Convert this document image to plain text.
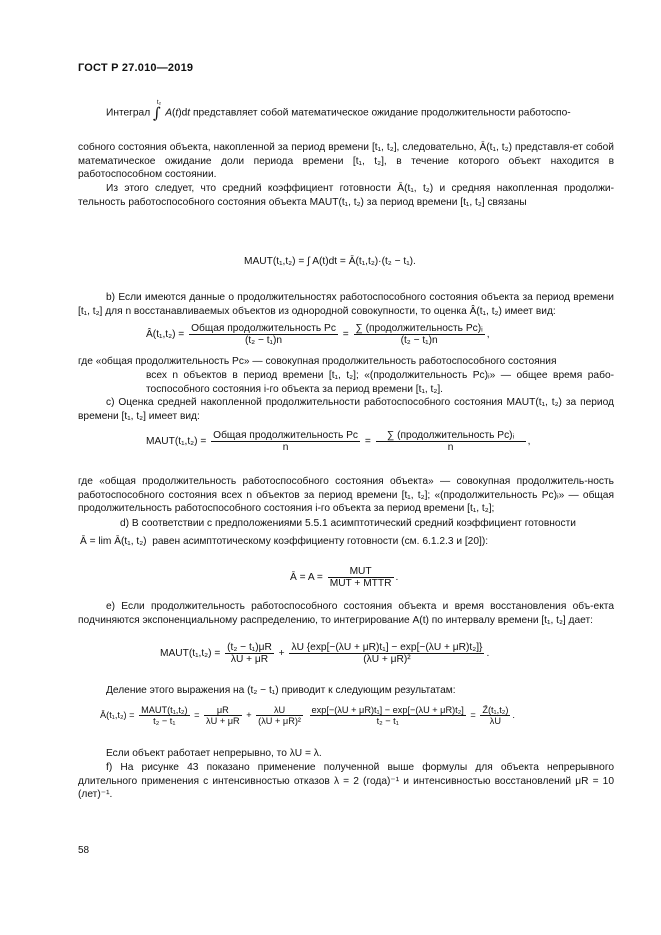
ГОСТ Р 27.010—2019
Интеграл ∫$^{t_2}$A(t)dt представляет собой математическое ожидание продолжительности работоспо-
собного состояния объекта, накопленной за период времени [t₁, t₂], следовательно, Ā(t₁, t₂) представля-ет собой математическое ожидание доли периода времени [t₁, t₂], в течение которого объект находится в работоспособном состоянии.
Из этого следует, что средний коэффициент готовности Ā(t₁, t₂) и средняя накопленная продолжи-тельность работоспособного состояния объекта MAUT(t₁, t₂) за период времени [t₁, t₂] связаны
MAUT(t₁,t₂) = ∫ A(t)dt = Ā(t₁,t₂)·(t₂ − t₁).
b) Если имеются данные о продолжительностях работоспособного состояния объекта за период времени [t₁, t₂] для n восстанавливаемых объектов из однородной совокупности, то оценка Â(t₁, t₂) имеет вид:
Â(t₁,t₂) = $\frac{\text{Общая продолжительность Рс}}{\text{(t₂ − t₁)n}} = \frac{\text{∑ (продолжительность Рс)ᵢ}}{\text{(t₂ − t₁)n}}$ ,
где «общая продолжительность Рс» — совокупная продолжительность работоспособного состояния
всех n объектов в период времени [t₁, t₂]; «(продолжительность Рс)ᵢ» — общее время рабо-тоспособного состояния i-го объекта за период времени [t₁, t₂].
c) Оценка средней накопленной продолжительности работоспособного состояния MAUT(t₁, t₂) за период времени [t₁, t₂] имеет вид:
MAUT(t₁,t₂) = $\frac{\text{Общая продолжительность Рс}}{n} = \frac{\text{∑ (продолжительность Рс)ᵢ}}{n}$ ,
где «общая продолжительность работоспособного состояния объекта» — совокупная продолжитель-ность работоспособного состояния всех n объектов за период времени [t₁, t₂]; «(продолжительность Рс)ᵢ» — общая продолжительность работоспособного состояния i-го объекта за период времени [t₁, t₂];
d) В соответствии с предположениями 5.5.1 асимптотический средний коэффициент готовности
Ā = lim Ā(t₁, t₂) равен асимптотическому коэффициенту готовности (см. 6.1.2.3 и [20]):
Ā = $A = \frac{\text{MUT}}{\text{MUT + MTTR}}$ .
e) Если продолжительность работоспособного состояния объекта и время восстановления объ-екта подчиняются экспоненциальному распределению, то интегрирование A(t) по интервалу времени [t₁, t₂] дает:
MAUT(t₁,t₂) = $\frac{\text{(t₂ − t₁)μR}}{\lambda U + \mu R} + \frac{\text{λU \{exp[−(λU + μR)t₁] − exp[−(λU + μR)t₂]\}}}{\text{(λU + μR)²}}$ .
Деление этого выражения на (t₂ − t₁) приводит к следующим результатам:
Ā(t₁,t₂) = $\frac{\text{MAUT(t₁,t₂)}}{\text{t₂ − t₁}} = \frac{\mu R}{\lambda U + \mu R} + \frac{\lambda U}{\text{(λU + μR)²}}$
$\frac{\text{exp[−(λU + μR)t₁] − exp[−(λU + μR)t₂]}}{\text{t₂ − t₁}} = \frac{\text{Z̄(t₁,t₂)}}{\lambda U}$ .
Если объект работает непрерывно, то λU = λ.
f) На рисунке 43 показано применение полученной выше формулы для объекта непрерывного длительного применения с интенсивностью отказов λ = 2 (года)⁻¹ и интенсивностью восстановлений μR = 10 (лет)⁻¹.
58
